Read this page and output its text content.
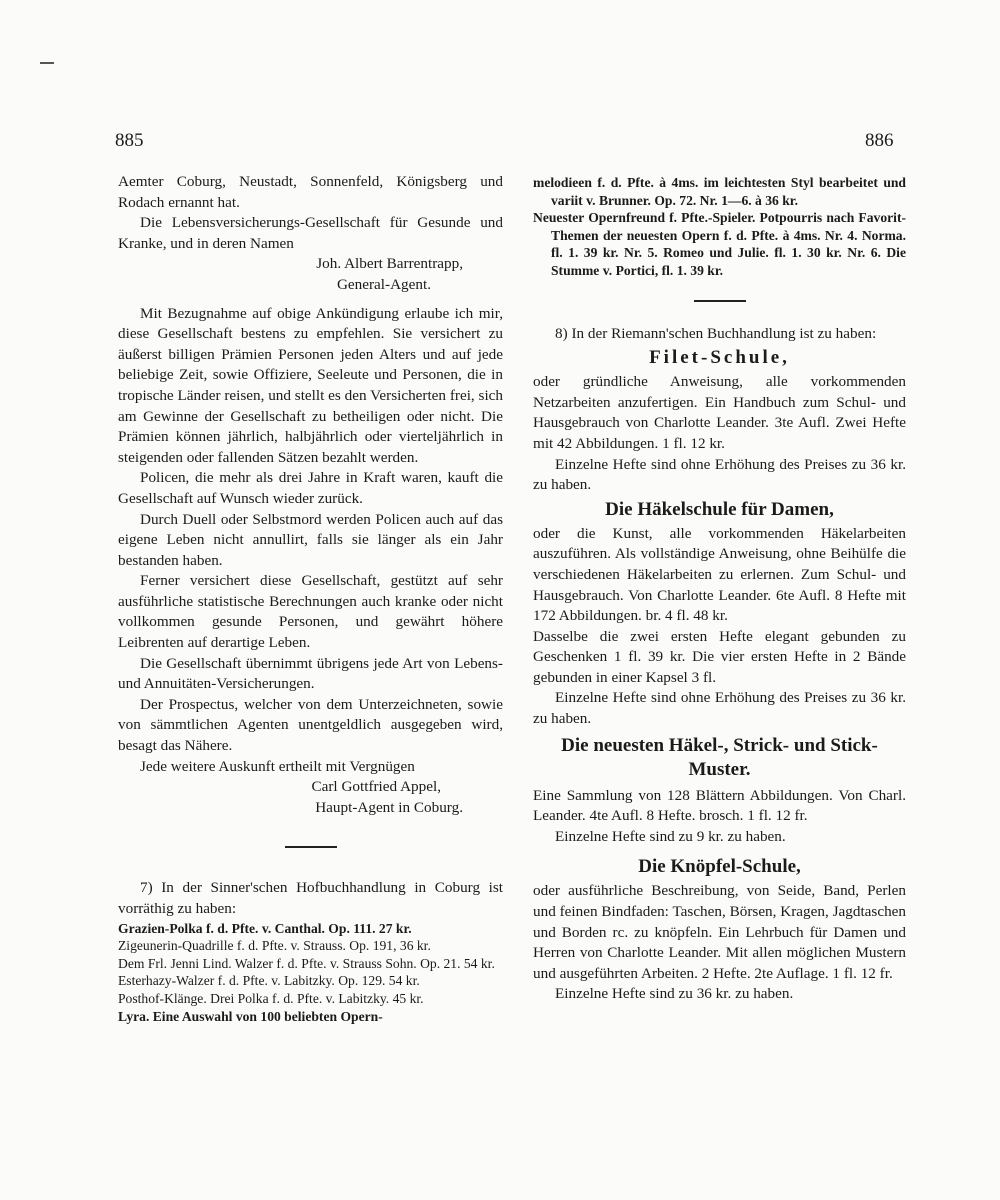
885	886
Aemter Coburg, Neustadt, Sonnenfeld, Königsberg und Rodach ernannt hat.
Die Lebensversicherungs-Gesellschaft für Gesunde und Kranke, und in deren Namen
Joh. Albert Barrentrapp,
General-Agent.
Mit Bezugnahme auf obige Ankündigung erlaube ich mir, diese Gesellschaft bestens zu empfehlen. Sie versichert zu äußerst billigen Prämien Personen jeden Alters und auf jede beliebige Zeit, sowie Offiziere, Seeleute und Personen, die in tropische Länder reisen, und stellt es den Versicherten frei, sich am Gewinne der Gesellschaft zu betheiligen oder nicht. Die Prämien können jährlich, halbjährlich oder vierteljährlich in steigenden oder fallenden Sätzen bezahlt werden.
Policen, die mehr als drei Jahre in Kraft waren, kauft die Gesellschaft auf Wunsch wieder zurück.
Durch Duell oder Selbstmord werden Policen auch auf das eigene Leben nicht annullirt, falls sie länger als ein Jahr bestanden haben.
Ferner versichert diese Gesellschaft, gestützt auf sehr ausführliche statistische Berechnungen auch kranke oder nicht vollkommen gesunde Personen, und gewährt höhere Leibrenten auf derartige Leben.
Die Gesellschaft übernimmt übrigens jede Art von Lebens- und Annuitäten-Versicherungen.
Der Prospectus, welcher von dem Unterzeichneten, sowie von sämmtlichen Agenten unentgeldlich ausgegeben wird, besagt das Nähere.
Jede weitere Auskunft ertheilt mit Vergnügen
Carl Gottfried Appel,
Haupt-Agent in Coburg.
7) In der Sinner'schen Hofbuchhandlung in Coburg ist vorräthig zu haben:
Grazien-Polka f. d. Pfte. v. Canthal. Op. 111. 27 kr.
Zigeunerin-Quadrille f. d. Pfte. v. Strauss. Op. 191, 36 kr.
Dem Frl. Jenni Lind. Walzer f. d. Pfte. v. Strauss Sohn. Op. 21. 54 kr.
Esterhazy-Walzer f. d. Pfte. v. Labitzky. Op. 129. 54 kr.
Posthof-Klänge. Drei Polka f. d. Pfte. v. Labitzky. 45 kr.
Lyra. Eine Auswahl von 100 beliebten Opern-
melodieen f. d. Pfte. à 4ms. im leichtesten Styl bearbeitet und variit v. Brunner. Op. 72. Nr. 1—6. à 36 kr.
Neuester Opernfreund f. Pfte.-Spieler. Potpourris nach Favorit-Themen der neuesten Opern f. d. Pfte. à 4ms. Nr. 4. Norma. fl. 1. 39 kr. Nr. 5. Romeo und Julie. fl. 1. 30 kr. Nr. 6. Die Stumme v. Portici, fl. 1. 39 kr.
8) In der Riemann'schen Buchhandlung ist zu haben:
Filet-Schule,
oder gründliche Anweisung, alle vorkommenden Netzarbeiten anzufertigen. Ein Handbuch zum Schul- und Hausgebrauch von Charlotte Leander. 3te Aufl. Zwei Hefte mit 42 Abbildungen. 1 fl. 12 kr.
Einzelne Hefte sind ohne Erhöhung des Preises zu 36 kr. zu haben.
Die Häkelschule für Damen,
oder die Kunst, alle vorkommenden Häkelarbeiten auszuführen. Als vollständige Anweisung, ohne Beihülfe die verschiedenen Häkelarbeiten zu erlernen. Zum Schul- und Hausgebrauch. Von Charlotte Leander. 6te Aufl. 8 Hefte mit 172 Abbildungen. br. 4 fl. 48 kr.
Dasselbe die zwei ersten Hefte elegant gebunden zu Geschenken 1 fl. 39 kr. Die vier ersten Hefte in 2 Bände gebunden in einer Kapsel 3 fl.
Einzelne Hefte sind ohne Erhöhung des Preises zu 36 kr. zu haben.
Die neuesten Häkel-, Strick- und Stick-Muster.
Eine Sammlung von 128 Blättern Abbildungen. Von Charl. Leander. 4te Aufl. 8 Hefte. brosch. 1 fl. 12 fr.
Einzelne Hefte sind zu 9 kr. zu haben.
Die Knöpfel-Schule,
oder ausführliche Beschreibung, von Seide, Band, Perlen und feinen Bindfaden: Taschen, Börsen, Kragen, Jagdtaschen und Borden rc. zu knöpfeln. Ein Lehrbuch für Damen und Herren von Charlotte Leander. Mit allen möglichen Mustern und ausgeführten Arbeiten. 2 Hefte. 2te Auflage. 1 fl. 12 fr.
Einzelne Hefte sind zu 36 kr. zu haben.
